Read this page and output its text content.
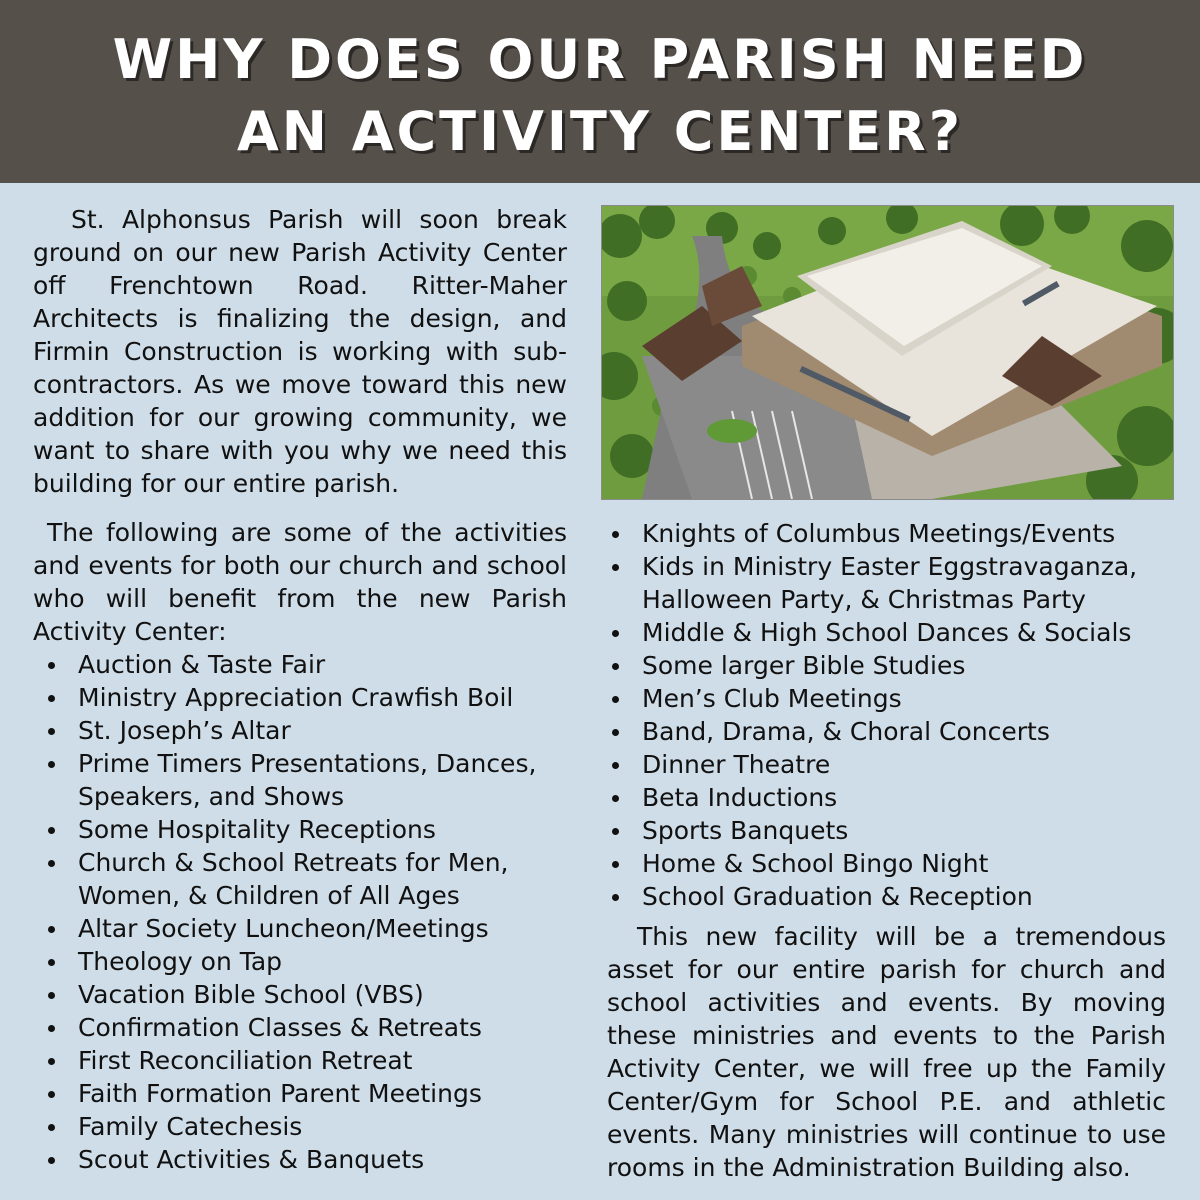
WHY DOES OUR PARISH NEED
AN ACTIVITY CENTER?

St. Alphonsus Parish will soon break ground on our new Parish Activity Center off Frenchtown Road. Ritter-Maher Architects is finalizing the design, and Firmin Construction is working with sub-contractors. As we move toward this new addition for our growing community, we want to share with you why we need this building for our entire parish.

The following are some of the activities and events for both our church and school who will benefit from the new Parish Activity Center:

Auction & Taste Fair
Ministry Appreciation Crawfish Boil
St. Joseph’s Altar
Prime Timers Presentations, Dances, Speakers, and Shows
Some Hospitality Receptions
Church & School Retreats for Men, Women, & Children of All Ages
Altar Society Luncheon/Meetings
Theology on Tap
Vacation Bible School (VBS)
Confirmation Classes & Retreats
First Reconciliation Retreat
Faith Formation Parent Meetings
Family Catechesis
Scout Activities & Banquets
Knights of Columbus Meetings/Events
Kids in Ministry Easter Eggstravaganza, Halloween Party, & Christmas Party
Middle & High School Dances & Socials
Some larger Bible Studies
Men’s Club Meetings
Band, Drama, & Choral Concerts
Dinner Theatre
Beta Inductions
Sports Banquets
Home & School Bingo Night
School Graduation & Reception

This new facility will be a tremendous asset for our entire parish for church and school activities and events. By moving these ministries and events to the Parish Activity Center, we will free up the Family Center/Gym for School P.E. and athletic events. Many ministries will continue to use rooms in the Administration Building also.
